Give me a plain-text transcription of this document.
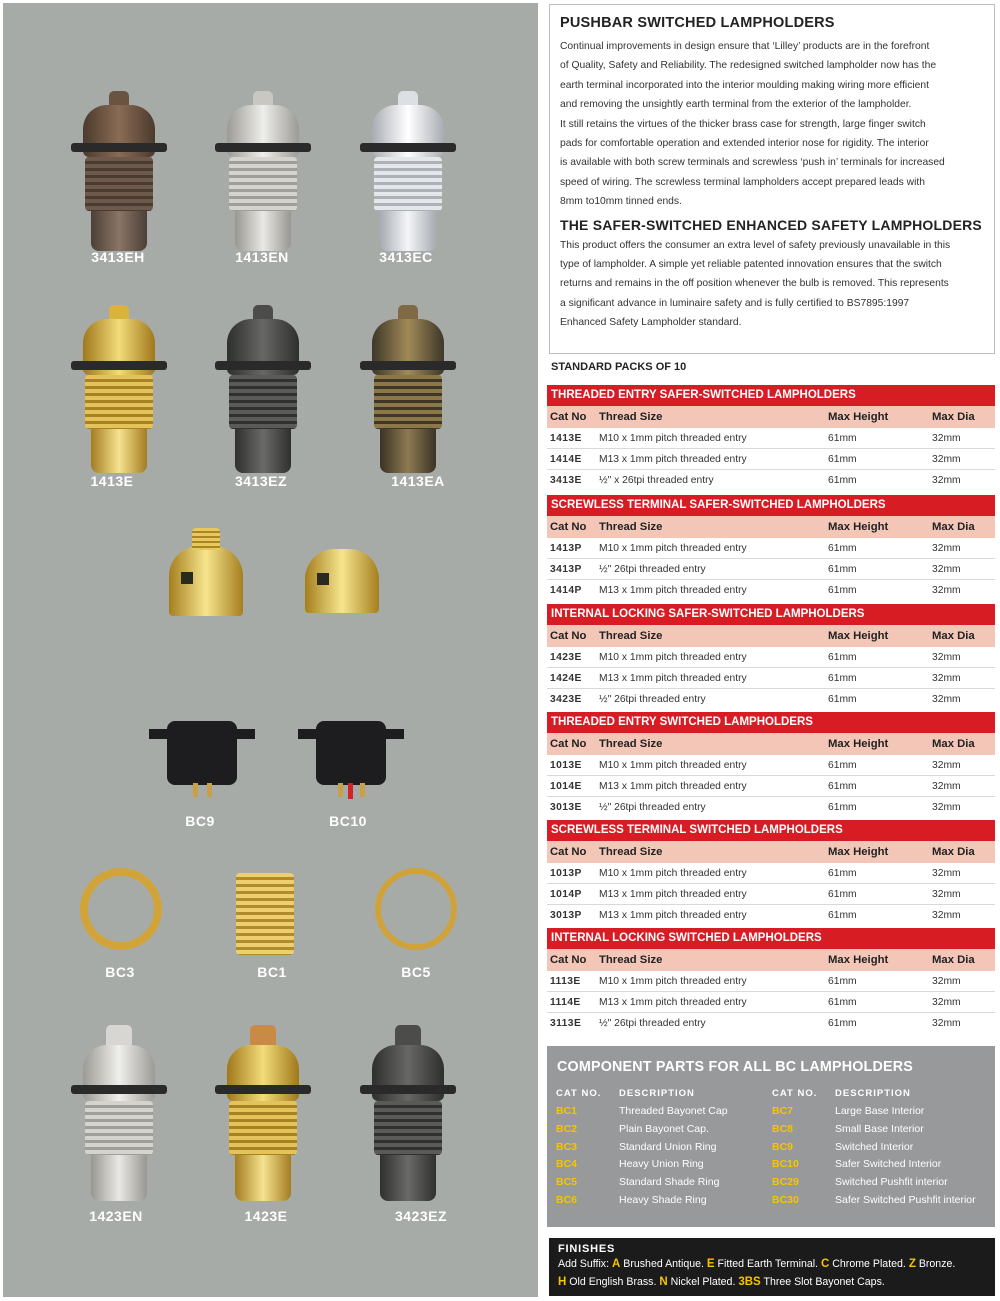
3413EH	1413EN	3413EC
1413E	3413EZ	1413EA
BC9	BC10
BC3	BC1	BC5
1423EN	1423E	3423EZ
PUSHBAR SWITCHED LAMPHOLDERS
Continual improvements in design ensure that ‘Lilley’ products are in the forefront
of Quality, Safety and Reliability. The redesigned switched lampholder now has the
earth terminal incorporated into the interior moulding making wiring more efficient
and removing the unsightly earth terminal from the exterior of the lampholder.
It still retains the virtues of the thicker brass case for strength, large finger switch
pads for comfortable operation and extended interior nose for rigidity. The interior
is available with both screw terminals and screwless ‘push in’ terminals for increased
speed of wiring. The screwless terminal lampholders accept prepared leads with
8mm to10mm tinned ends.
THE SAFER-SWITCHED ENHANCED SAFETY LAMPHOLDERS
This product offers the consumer an extra level of safety previously unavailable in this
type of lampholder. A simple yet reliable patented innovation ensures that the switch
returns and remains in the off position whenever the bulb is removed. This represents
a significant advance in luminaire safety and is fully certified to BS7895:1997
Enhanced Safety Lampholder standard.
STANDARD PACKS OF 10
THREADED ENTRY SAFER-SWITCHED LAMPHOLDERS
Cat No Thread Size	Max Height	Max Dia
1413E M10 x 1mm pitch threaded entry	61mm	32mm
1414E M13 x 1mm pitch threaded entry	61mm	32mm
3413E ½" x 26tpi threaded entry	61mm	32mm
SCREWLESS TERMINAL SAFER-SWITCHED LAMPHOLDERS
Cat No Thread Size	Max Height	Max Dia
1413P M10 x 1mm pitch threaded entry	61mm	32mm
3413P ½" 26tpi threaded entry	61mm	32mm
1414P M13 x 1mm pitch threaded entry	61mm	32mm
INTERNAL LOCKING SAFER-SWITCHED LAMPHOLDERS
Cat No Thread Size	Max Height	Max Dia
1423E M10 x 1mm pitch threaded entry	61mm	32mm
1424E M13 x 1mm pitch threaded entry	61mm	32mm
3423E ½" 26tpi threaded entry	61mm	32mm
THREADED ENTRY SWITCHED LAMPHOLDERS
Cat No Thread Size	Max Height	Max Dia
1013E M10 x 1mm pitch threaded entry	61mm	32mm
1014E M13 x 1mm pitch threaded entry	61mm	32mm
3013E ½" 26tpi threaded entry	61mm	32mm
SCREWLESS TERMINAL SWITCHED LAMPHOLDERS
Cat No Thread Size	Max Height	Max Dia
1013P M10 x 1mm pitch threaded entry	61mm	32mm
1014P M13 x 1mm pitch threaded entry	61mm	32mm
3013P M13 x 1mm pitch threaded entry	61mm	32mm
INTERNAL LOCKING SWITCHED LAMPHOLDERS
Cat No Thread Size	Max Height	Max Dia
1113E M10 x 1mm pitch threaded entry	61mm	32mm
1114E M13 x 1mm pitch threaded entry	61mm	32mm
3113E ½" 26tpi threaded entry	61mm	32mm
COMPONENT PARTS FOR ALL BC LAMPHOLDERS
CAT NO. DESCRIPTION
BC1	Threaded Bayonet Cap
BC2	Plain Bayonet Cap.
BC3	Standard Union Ring
BC4	Heavy Union Ring
BC5	Standard Shade Ring
BC6	Heavy Shade Ring
CAT NO. DESCRIPTION
BC7	Large Base Interior
BC8	Small Base Interior
BC9	Switched Interior
BC10	Safer Switched Interior
BC29	Switched Pushfit interior
BC30	Safer Switched Pushfit interior
FINISHES
Add Suffix: A Brushed Antique. E Fitted Earth Terminal. C Chrome Plated. Z Bronze.
H Old English Brass. N Nickel Plated. 3BS Three Slot Bayonet Caps.
